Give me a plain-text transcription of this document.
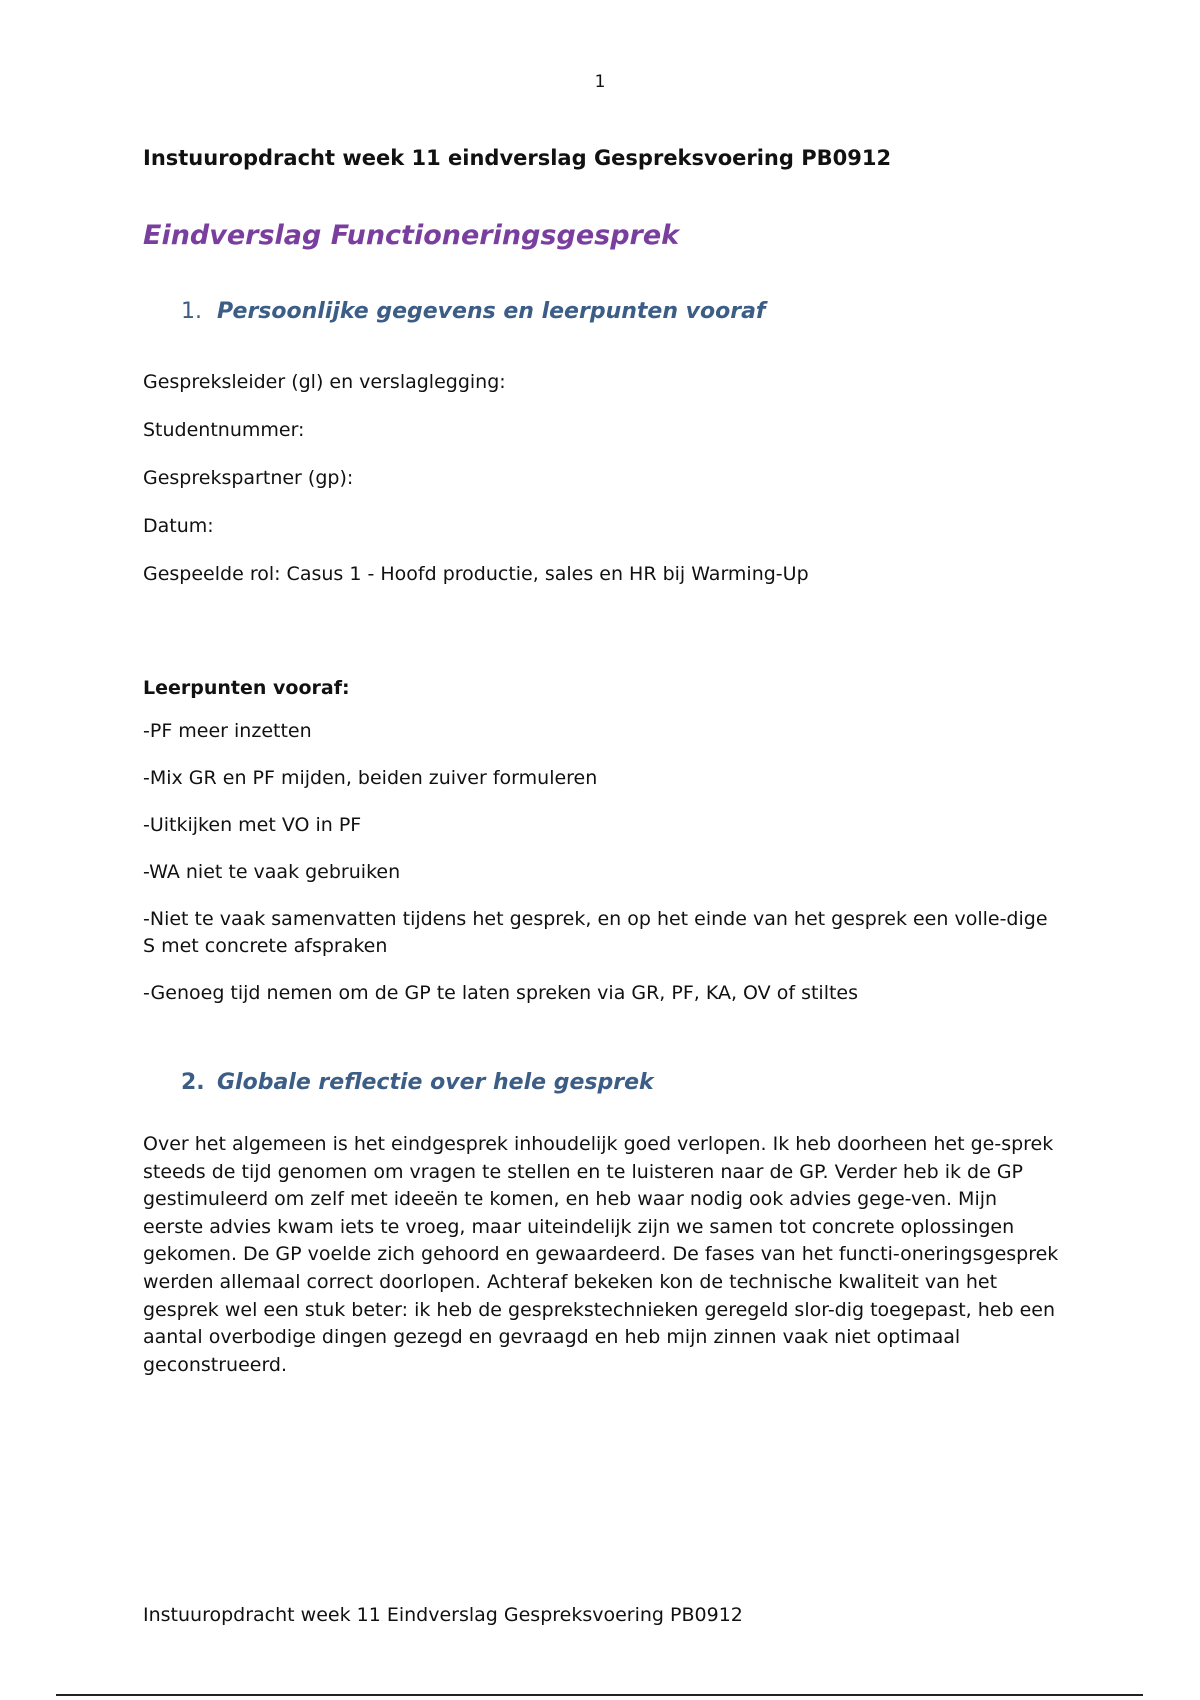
1
Instuuropdracht week 11 eindverslag Gespreksvoering PB0912
Eindverslag Functioneringsgesprek
1. Persoonlijke gegevens en leerpunten vooraf

Gespreksleider (gl) en verslaglegging:

Studentnummer:

Gesprekspartner (gp):

Datum:

Gespeelde rol: Casus 1 - Hoofd productie, sales en HR bij Warming-Up

Leerpunten vooraf:

-PF meer inzetten

-Mix GR en PF mijden, beiden zuiver formuleren

-Uitkijken met VO in PF

-WA niet te vaak gebruiken

-Niet te vaak samenvatten tijdens het gesprek, en op het einde van het gesprek een volle-dige S met concrete afspraken

-Genoeg tijd nemen om de GP te laten spreken via GR, PF, KA, OV of stiltes

2. Globale reflectie over hele gesprek

Over het algemeen is het eindgesprek inhoudelijk goed verlopen. Ik heb doorheen het ge-sprek steeds de tijd genomen om vragen te stellen en te luisteren naar de GP. Verder heb ik de GP gestimuleerd om zelf met ideeën te komen, en heb waar nodig ook advies gege-ven. Mijn eerste advies kwam iets te vroeg, maar uiteindelijk zijn we samen tot concrete oplossingen gekomen. De GP voelde zich gehoord en gewaardeerd. De fases van het functi-oneringsgesprek werden allemaal correct doorlopen. Achteraf bekeken kon de technische kwaliteit van het gesprek wel een stuk beter: ik heb de gesprekstechnieken geregeld slor-dig toegepast, heb een aantal overbodige dingen gezegd en gevraagd en heb mijn zinnen vaak niet optimaal geconstrueerd.

Instuuropdracht week 11 Eindverslag Gespreksvoering PB0912
